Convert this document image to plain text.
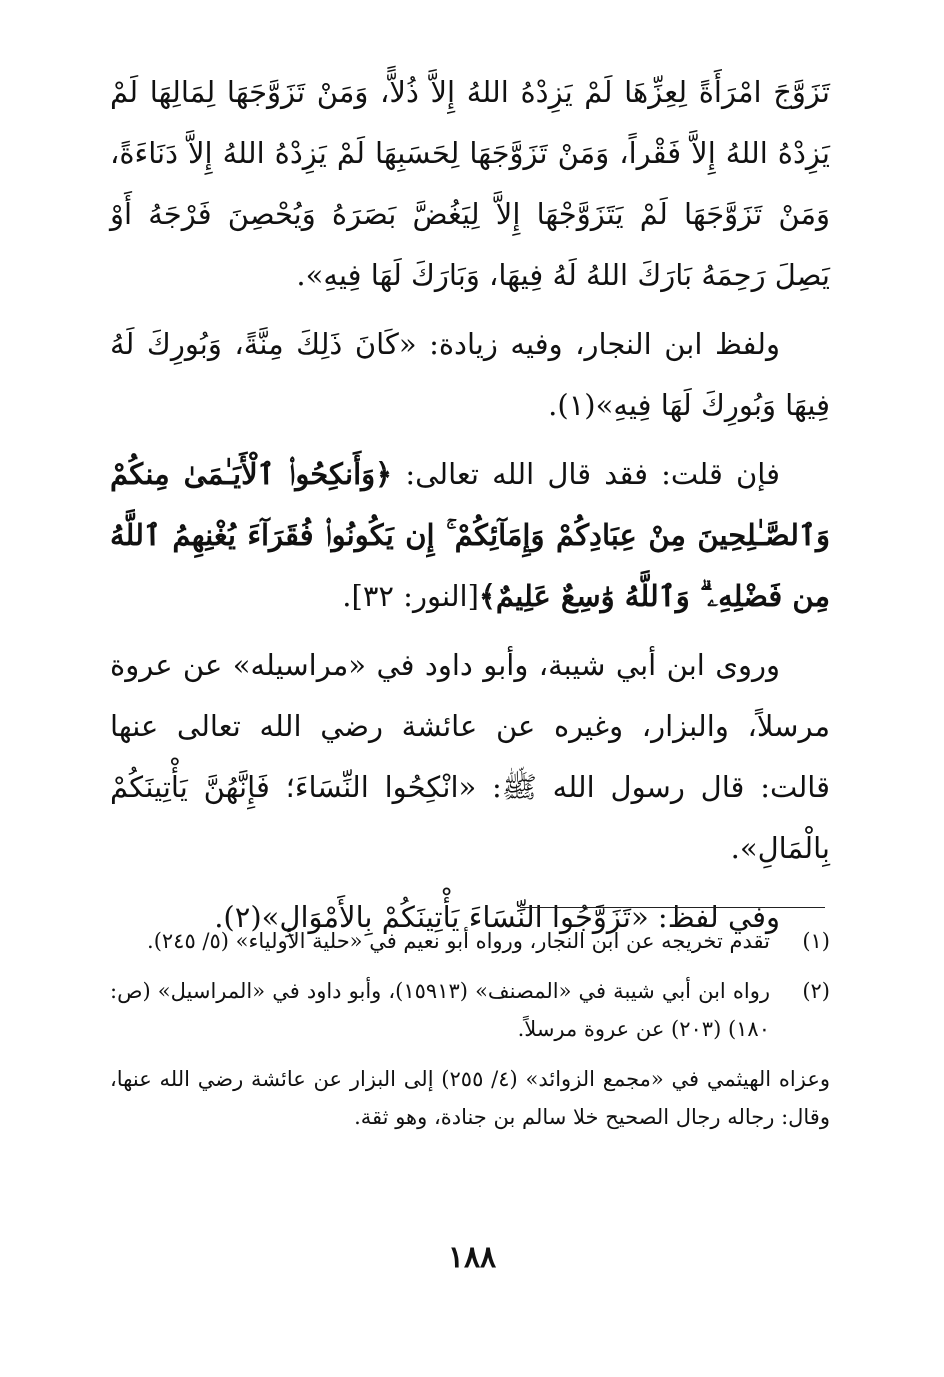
تَزَوَّجَ امْرَأَةً لِعِزِّهَا لَمْ يَزِدْهُ اللهُ إِلاَّ ذُلاًّ، وَمَنْ تَزَوَّجَهَا لِمَالِهَا لَمْ يَزِدْهُ اللهُ إِلاَّ فَقْراً، وَمَنْ تَزَوَّجَهَا لِحَسَبِهَا لَمْ يَزِدْهُ اللهُ إِلاَّ دَنَاءَةً، وَمَنْ تَزَوَّجَهَا لَمْ يَتَزَوَّجْهَا إِلاَّ لِيَغُضَّ بَصَرَهُ وَيُحْصِنَ فَرْجَهُ أَوْ يَصِلَ رَحِمَهُ بَارَكَ اللهُ لَهُ فِيهَا، وَبَارَكَ لَهَا فِيهِ».

ولفظ ابن النجار، وفيه زيادة: «كَانَ ذَلِكَ مِنَّةً، وَبُورِكَ لَهُ فِيهَا وَبُورِكَ لَهَا فِيهِ»(١).

فإن قلت: فقد قال الله تعالى: ﴿وَأَنكِحُوا۟ ٱلْأَيَـٰمَىٰ مِنكُمْ وَٱلصَّـٰلِحِينَ مِنْ عِبَادِكُمْ وَإِمَآئِكُمْ ۚ إِن يَكُونُوا۟ فُقَرَآءَ يُغْنِهِمُ ٱللَّهُ مِن فَضْلِهِۦ ۗ وَٱللَّهُ وَٰسِعٌ عَلِيمٌ﴾[النور: ٣٢].

وروى ابن أبي شيبة، وأبو داود في «مراسيله» عن عروة مرسلاً، والبزار، وغيره عن عائشة رضي الله تعالى عنها قالت: قال رسول الله ﷺ: «انْكِحُوا النِّسَاءَ؛ فَإِنَّهُنَّ يَأْتِينَكُمْ بِالْمَالِ».

وفي لفظ: «تَزَوَّجُوا النِّسَاءَ يَأْتِينَكُمْ بِالأَمْوَالِ»(٢).

(١)
تقدم تخريجه عن ابن النجار، ورواه أبو نعيم في «حلية الأولياء» (٥/ ٢٤٥).
(٢)
رواه ابن أبي شيبة في «المصنف» (١٥٩١٣)، وأبو داود في «المراسيل» (ص: ١٨٠) (٢٠٣) عن عروة مرسلاً.
وعزاه الهيثمي في «مجمع الزوائد» (٤/ ٢٥٥) إلى البزار عن عائشة رضي الله عنها، وقال: رجاله رجال الصحيح خلا سالم بن جنادة، وهو ثقة.
١٨٨
